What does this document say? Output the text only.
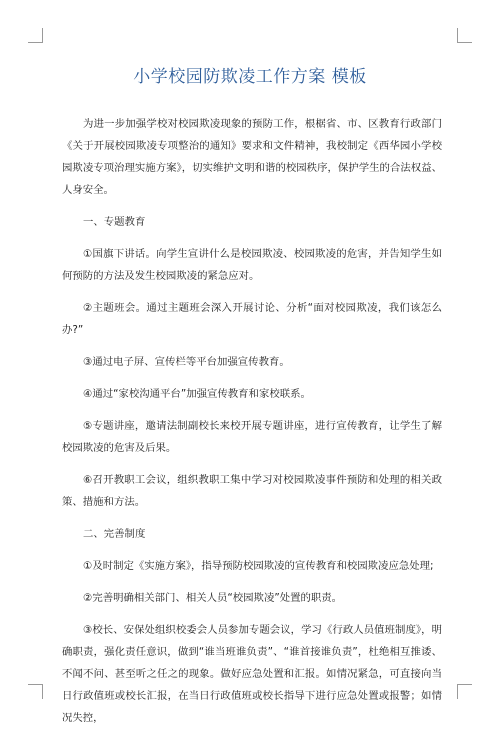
小学校园防欺凌工作方案 模板

为进一步加强学校对校园欺凌现象的预防工作，根椐省、市、区教育行政部门《关于开展校园欺凌专项整治的通知》要求和文件精神，我校制定《西华园小学校园欺凌专项治理实施方案》，切实维护文明和谐的校园秩序，保护学生的合法权益、人身安全。

一、专题教育

①国旗下讲话。向学生宣讲什么是校园欺凌、校园欺凌的危害，并告知学生如何预防的方法及发生校园欺凌的紧急应对。

②主题班会。通过主题班会深入开展讨论、分析“面对校园欺凌，我们该怎么办?”

③通过电子屏、宣传栏等平台加强宣传教育。

④通过“家校沟通平台”加强宣传教育和家校联系。

⑤专题讲座，邀请法制副校长来校开展专题讲座，进行宣传教育，让学生了解校园欺凌的危害及后果。

⑥召开教职工会议，组织教职工集中学习对校园欺凌事件预防和处理的相关政策、措施和方法。

二、完善制度

①及时制定《实施方案》，指导预防校园欺凌的宣传教育和校园欺凌应急处理;

②完善明确相关部门、相关人员“校园欺凌”处置的职责。

③校长、安保处组织校委会人员参加专题会议，学习《行政人员值班制度》，明确职责，强化责任意识，做到“谁当班谁负责”、“谁首接谁负责”，杜绝相互推诿、不闻不问、甚至听之任之的现象。做好应急处置和汇报。如情况紧急，可直接向当日行政值班或校长汇报，在当日行政值班或校长指导下进行应急处置或报警；如情况失控，
